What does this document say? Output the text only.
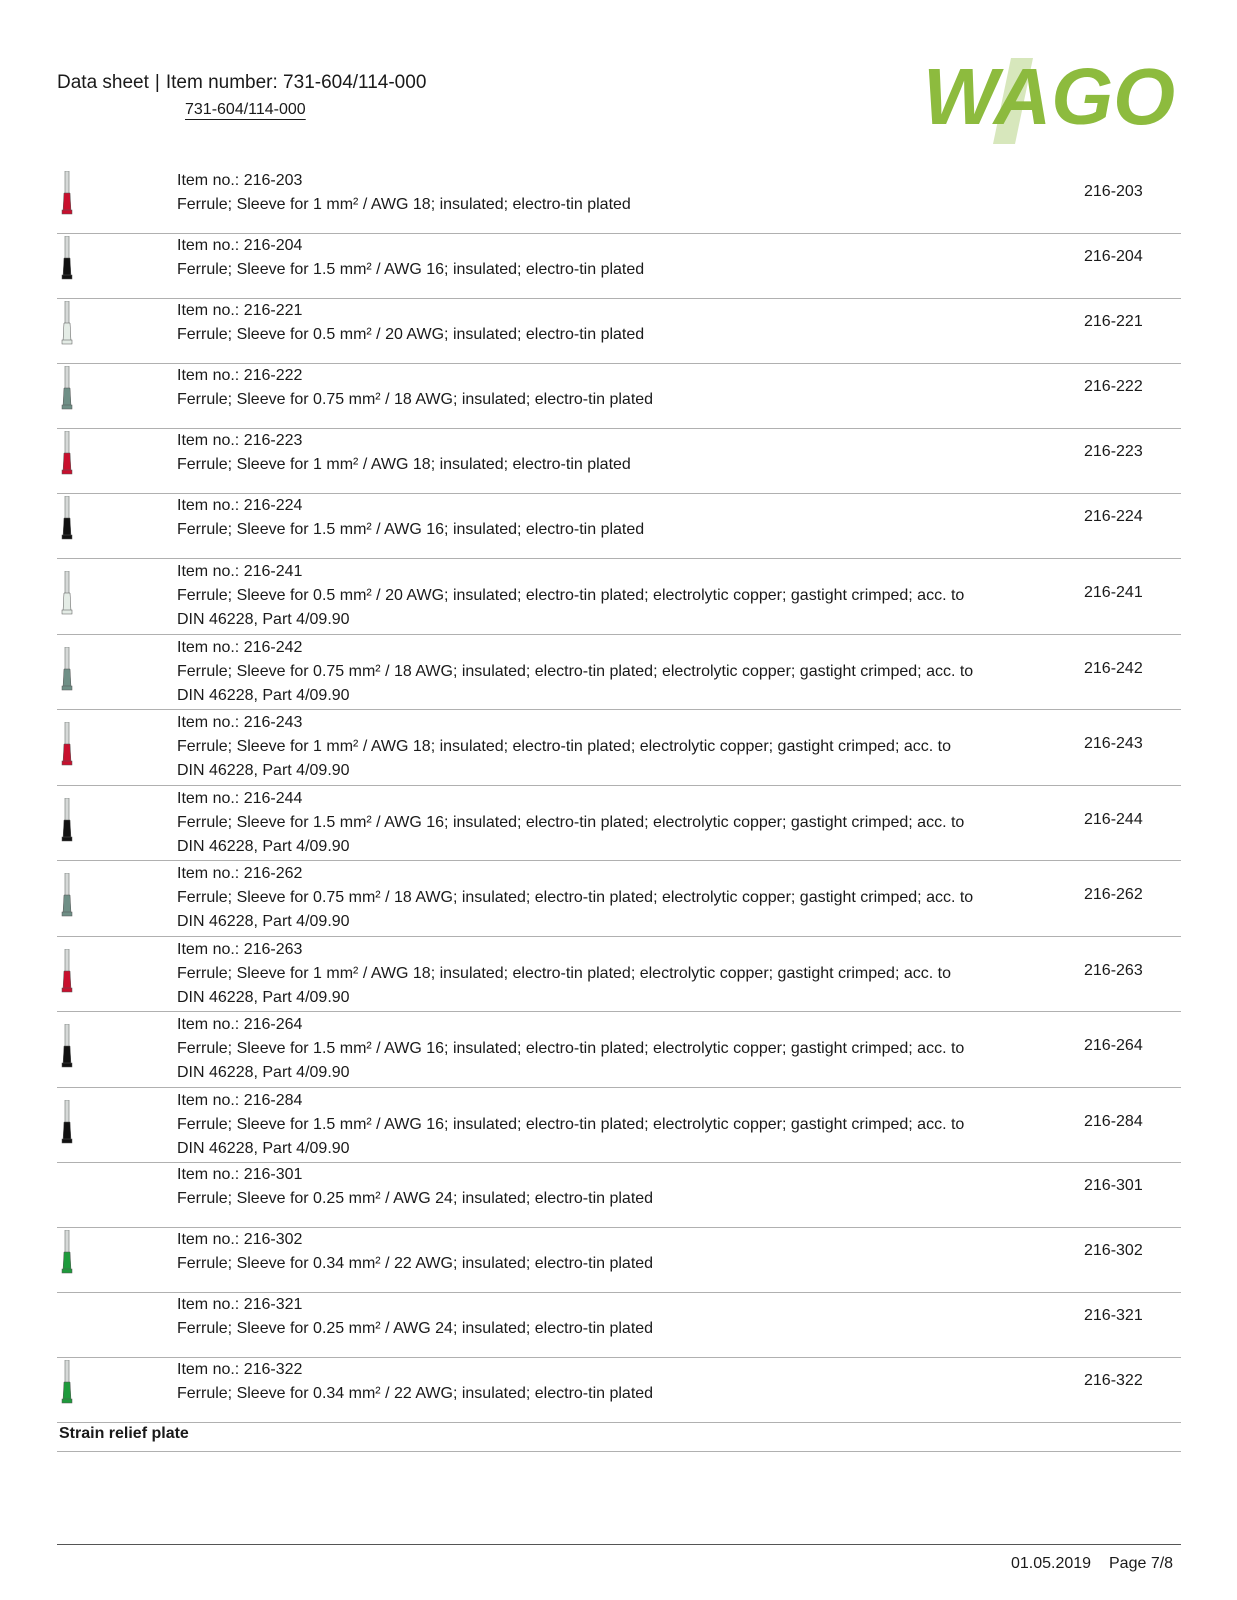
Data sheet | Item number: 731-604/114-000
731-604/114-000	WAGO
Item no.: 216-203
Ferrule; Sleeve for 1 mm² / AWG 18; insulated; electro-tin plated
216-203
Item no.: 216-204
Ferrule; Sleeve for 1.5 mm² / AWG 16; insulated; electro-tin plated
216-204
Item no.: 216-221
Ferrule; Sleeve for 0.5 mm² / 20 AWG; insulated; electro-tin plated
216-221
Item no.: 216-222
Ferrule; Sleeve for 0.75 mm² / 18 AWG; insulated; electro-tin plated
216-222
Item no.: 216-223
Ferrule; Sleeve for 1 mm² / AWG 18; insulated; electro-tin plated
216-223
Item no.: 216-224
Ferrule; Sleeve for 1.5 mm² / AWG 16; insulated; electro-tin plated
216-224
Item no.: 216-241
Ferrule; Sleeve for 0.5 mm² / 20 AWG; insulated; electro-tin plated; electrolytic copper; gastight crimped; acc. to DIN 46228, Part 4/09.90
216-241
Item no.: 216-242
Ferrule; Sleeve for 0.75 mm² / 18 AWG; insulated; electro-tin plated; electrolytic copper; gastight crimped; acc. to DIN 46228, Part 4/09.90
216-242
Item no.: 216-243
Ferrule; Sleeve for 1 mm² / AWG 18; insulated; electro-tin plated; electrolytic copper; gastight crimped; acc. to DIN 46228, Part 4/09.90
216-243
Item no.: 216-244
Ferrule; Sleeve for 1.5 mm² / AWG 16; insulated; electro-tin plated; electrolytic copper; gastight crimped; acc. to DIN 46228, Part 4/09.90
216-244
Item no.: 216-262
Ferrule; Sleeve for 0.75 mm² / 18 AWG; insulated; electro-tin plated; electrolytic copper; gastight crimped; acc. to DIN 46228, Part 4/09.90
216-262
Item no.: 216-263
Ferrule; Sleeve for 1 mm² / AWG 18; insulated; electro-tin plated; electrolytic copper; gastight crimped; acc. to DIN 46228, Part 4/09.90
216-263
Item no.: 216-264
Ferrule; Sleeve for 1.5 mm² / AWG 16; insulated; electro-tin plated; electrolytic copper; gastight crimped; acc. to DIN 46228, Part 4/09.90
216-264
Item no.: 216-284
Ferrule; Sleeve for 1.5 mm² / AWG 16; insulated; electro-tin plated; electrolytic copper; gastight crimped; acc. to DIN 46228, Part 4/09.90
216-284
Item no.: 216-301
Ferrule; Sleeve for 0.25 mm² / AWG 24; insulated; electro-tin plated
216-301
Item no.: 216-302
Ferrule; Sleeve for 0.34 mm² / 22 AWG; insulated; electro-tin plated
216-302
Item no.: 216-321
Ferrule; Sleeve for 0.25 mm² / AWG 24; insulated; electro-tin plated
216-321
Item no.: 216-322
Ferrule; Sleeve for 0.34 mm² / 22 AWG; insulated; electro-tin plated
216-322
Strain relief plate
01.05.2019 Page 7/8
